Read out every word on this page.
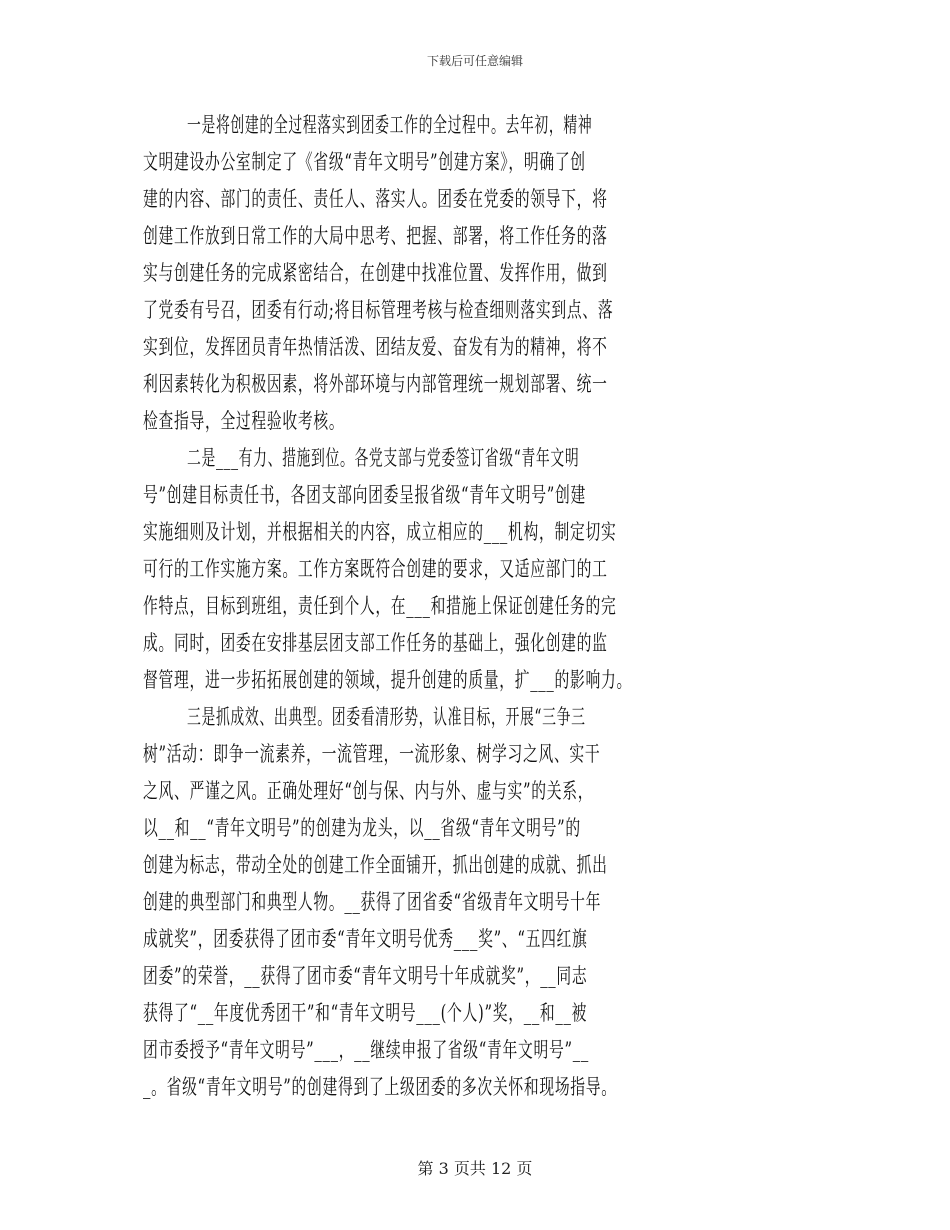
下载后可任意编辑
一是将创建的全过程落实到团委工作的全过程中。去年初，精神
文明建设办公室制定了《省级“青年文明号”创建方案》，明确了创
建的内容、部门的责任、责任人、落实人。团委在党委的领导下，将
创建工作放到日常工作的大局中思考、把握、部署，将工作任务的落
实与创建任务的完成紧密结合，在创建中找准位置、发挥作用，做到
了党委有号召，团委有行动;将目标管理考核与检查细则落实到点、落
实到位，发挥团员青年热情活泼、团结友爱、奋发有为的精神，将不
利因素转化为积极因素，将外部环境与内部管理统一规划部署、统一
检查指导，全过程验收考核。
二是___有力、措施到位。各党支部与党委签订省级“青年文明
号”创建目标责任书，各团支部向团委呈报省级“青年文明号”创建
实施细则及计划，并根据相关的内容，成立相应的___机构，制定切实
可行的工作实施方案。工作方案既符合创建的要求，又适应部门的工
作特点，目标到班组，责任到个人，在___和措施上保证创建任务的完
成。同时，团委在安排基层团支部工作任务的基础上，强化创建的监
督管理，进一步拓拓展创建的领域，提升创建的质量，扩___的影响力。
三是抓成效、出典型。团委看清形势，认准目标，开展“三争三
树”活动：即争一流素养，一流管理，一流形象、树学习之风、实干
之风、严谨之风。正确处理好“创与保、内与外、虚与实”的关系，
以__和__“青年文明号”的创建为龙头，以__省级“青年文明号”的
创建为标志，带动全处的创建工作全面铺开，抓出创建的成就、抓出
创建的典型部门和典型人物。__获得了团省委“省级青年文明号十年
成就奖”，团委获得了团市委“青年文明号优秀___奖”、“五四红旗
团委”的荣誉，__获得了团市委“青年文明号十年成就奖”，__同志
获得了“__年度优秀团干”和“青年文明号___(个人)”奖，__和__被
团市委授予“青年文明号”___，__继续申报了省级“青年文明号”__
_。省级“青年文明号”的创建得到了上级团委的多次关怀和现场指导。
第 3 页共 12 页
